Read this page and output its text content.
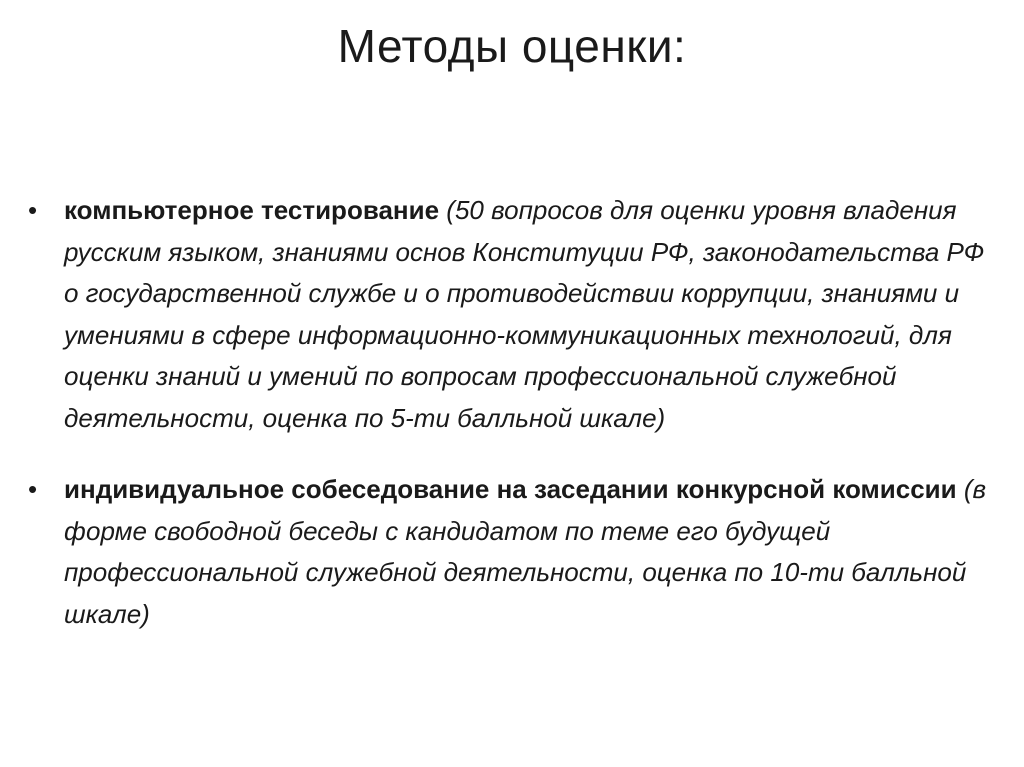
Методы оценки:
•	компьютерное тестирование (50 вопросов для оценки уровня владения русским языком, знаниями основ Конституции РФ, законодательства РФ о государственной службе и о противодействии коррупции, знаниями и умениями в сфере информационно-коммуникационных технологий, для оценки знаний и умений по вопросам профессиональной служебной деятельности, оценка по 5-ти балльной шкале)
•	индивидуальное собеседование на заседании конкурсной комиссии (в форме свободной беседы с кандидатом по теме его будущей профессиональной служебной деятельности, оценка по 10-ти балльной шкале)
